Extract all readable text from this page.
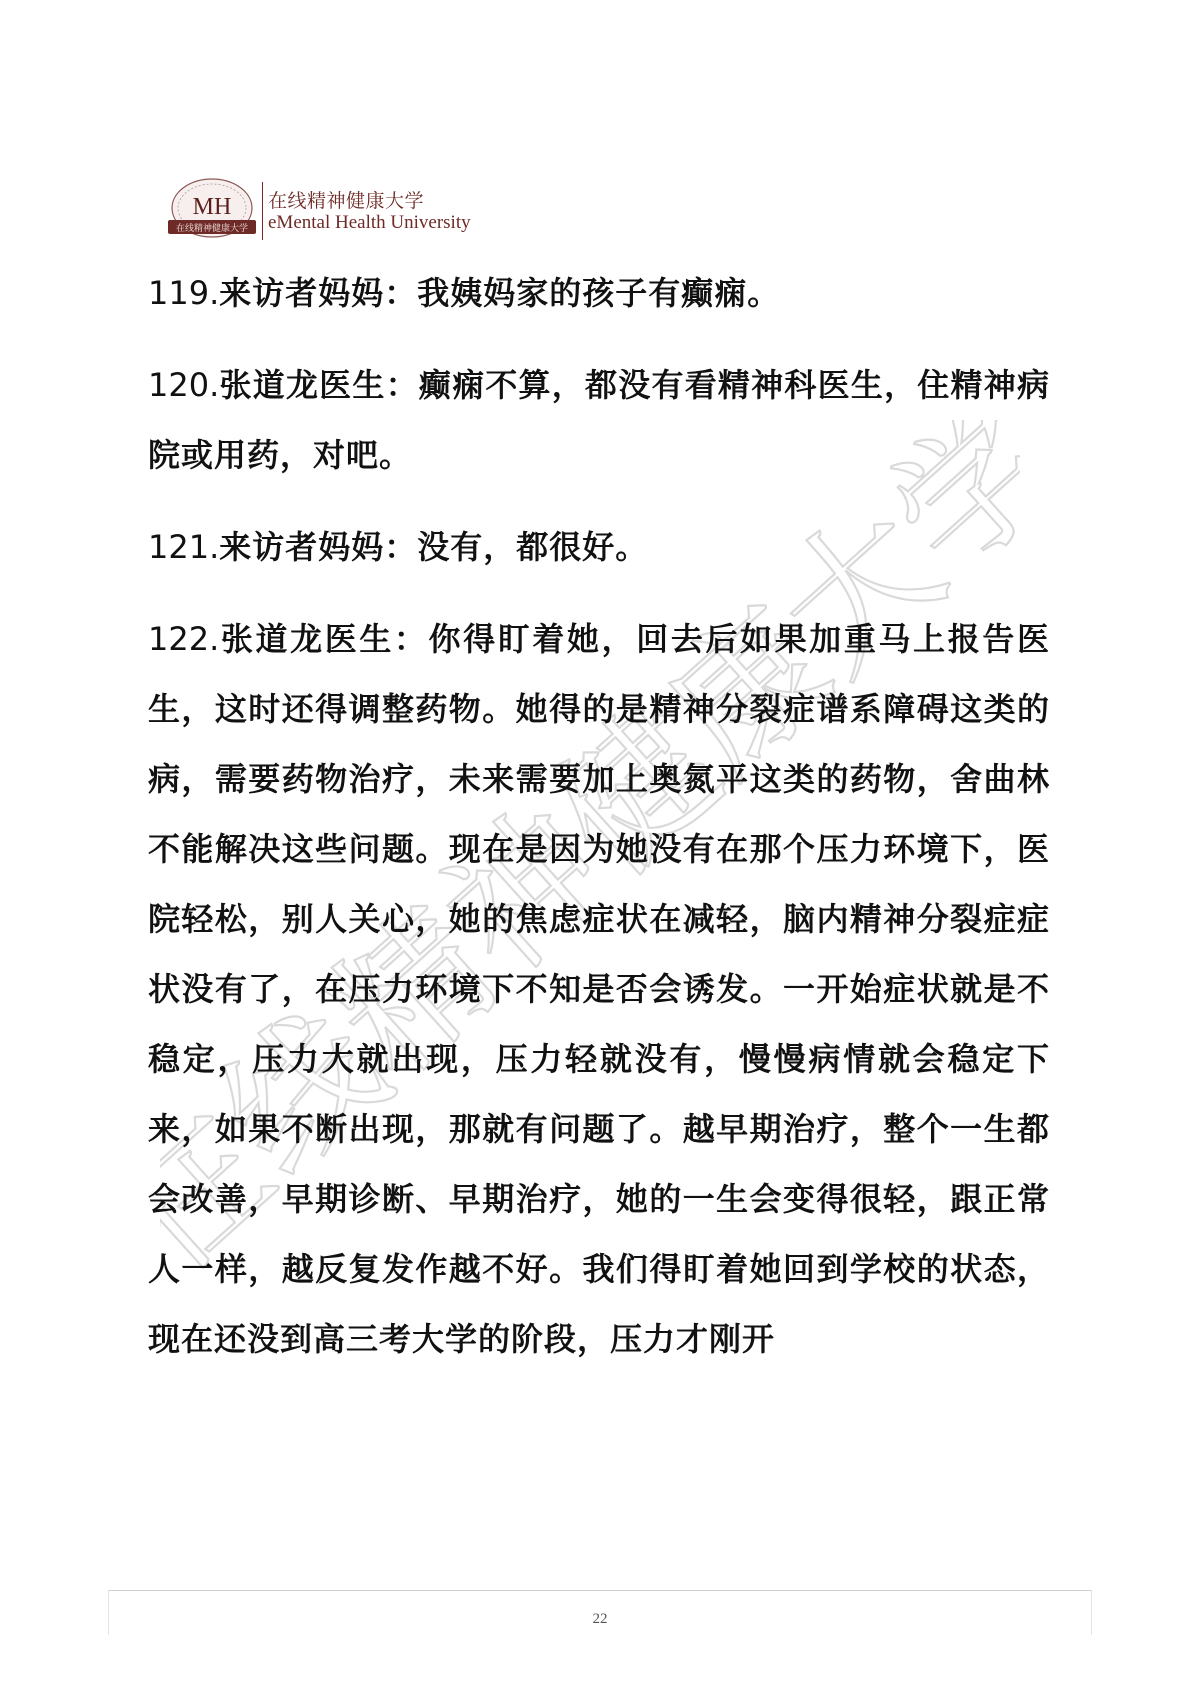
在线精神健康大学
MH
在线精神健康大学
在线精神健康大学
eMental Health University

119.来访者妈妈：我姨妈家的孩子有癫痫。

120.张道龙医生：癫痫不算，都没有看精神科医生，住精神病院或用药，对吧。

121.来访者妈妈：没有，都很好。

122.张道龙医生：你得盯着她，回去后如果加重马上报告医生，这时还得调整药物。她得的是精神分裂症谱系障碍这类的病，需要药物治疗，未来需要加上奥氮平这类的药物，舍曲林不能解决这些问题。现在是因为她没有在那个压力环境下，医院轻松，别人关心，她的焦虑症状在减轻，脑内精神分裂症症状没有了，在压力环境下不知是否会诱发。一开始症状就是不稳定，压力大就出现，压力轻就没有，慢慢病情就会稳定下来，如果不断出现，那就有问题了。越早期治疗，整个一生都会改善，早期诊断、早期治疗，她的一生会变得很轻，跟正常人一样，越反复发作越不好。我们得盯着她回到学校的状态，现在还没到高三考大学的阶段，压力才刚开

22
